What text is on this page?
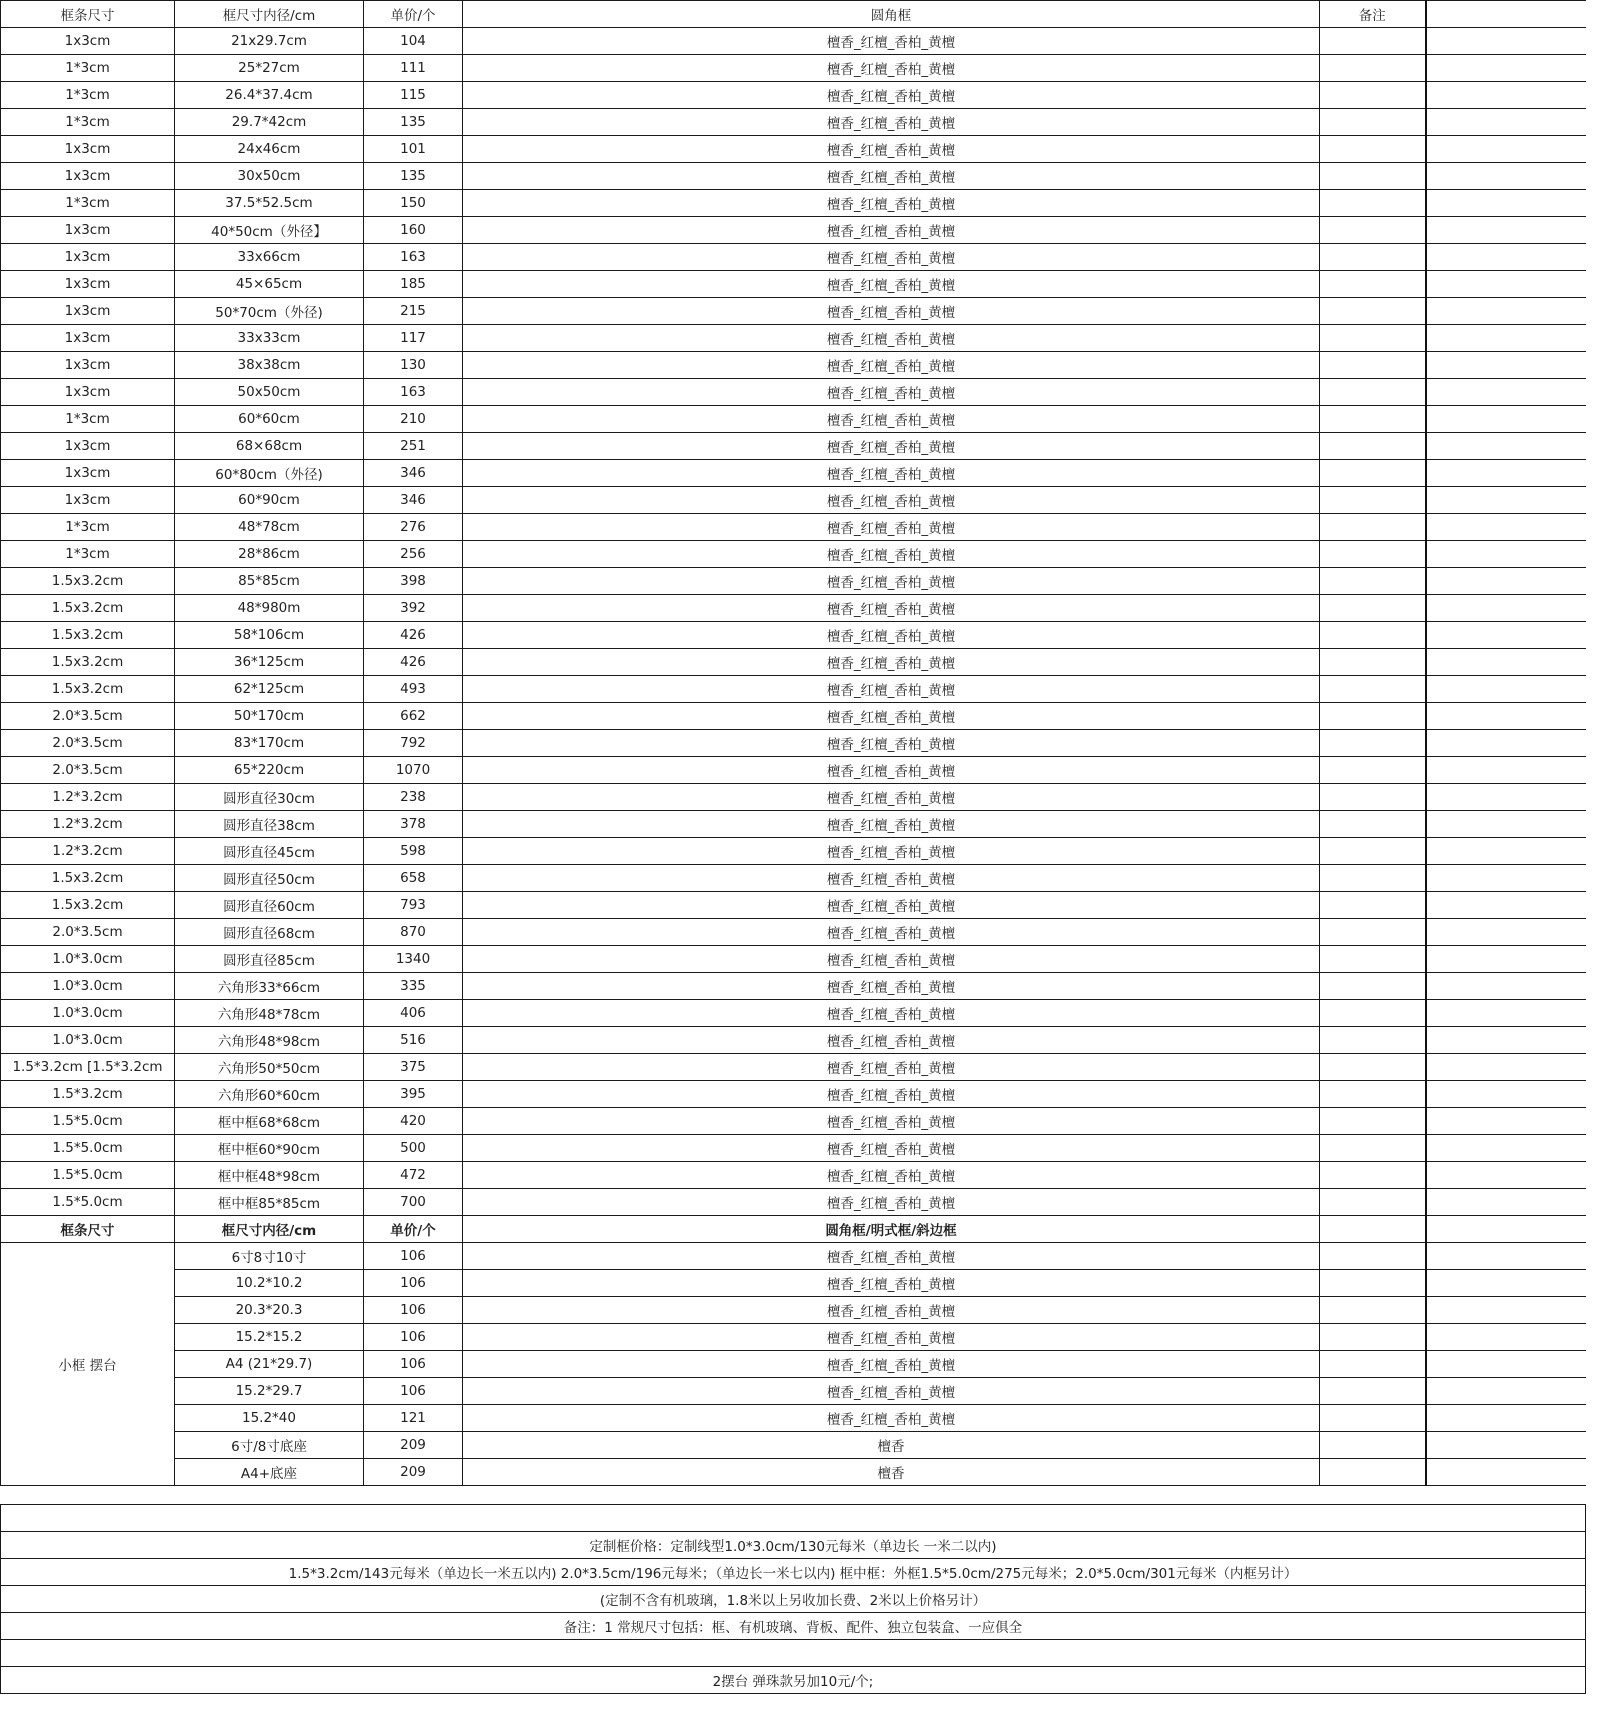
框条尺寸	框尺寸内径/cm	单价/个	圆角框	备注	
1x3cm	21x29.7cm	104	檀香_红檀_香柏_黄檀		
1*3cm	25*27cm	111	檀香_红檀_香柏_黄檀		
1*3cm	26.4*37.4cm	115	檀香_红檀_香柏_黄檀		
1*3cm	29.7*42cm	135	檀香_红檀_香柏_黄檀		
1x3cm	24x46cm	101	檀香_红檀_香柏_黄檀		
1x3cm	30x50cm	135	檀香_红檀_香柏_黄檀		
1*3cm	37.5*52.5cm	150	檀香_红檀_香柏_黄檀		
1x3cm	40*50cm（外径】	160	檀香_红檀_香柏_黄檀		
1x3cm	33x66cm	163	檀香_红檀_香柏_黄檀		
1x3cm	45×65cm	185	檀香_红檀_香柏_黄檀		
1x3cm	50*70cm（外径)	215	檀香_红檀_香柏_黄檀		
1x3cm	33x33cm	117	檀香_红檀_香柏_黄檀		
1x3cm	38x38cm	130	檀香_红檀_香柏_黄檀		
1x3cm	50x50cm	163	檀香_红檀_香柏_黄檀		
1*3cm	60*60cm	210	檀香_红檀_香柏_黄檀		
1x3cm	68×68cm	251	檀香_红檀_香柏_黄檀		
1x3cm	60*80cm（外径)	346	檀香_红檀_香柏_黄檀		
1x3cm	60*90cm	346	檀香_红檀_香柏_黄檀		
1*3cm	48*78cm	276	檀香_红檀_香柏_黄檀		
1*3cm	28*86cm	256	檀香_红檀_香柏_黄檀		
1.5x3.2cm	85*85cm	398	檀香_红檀_香柏_黄檀		
1.5x3.2cm	48*980m	392	檀香_红檀_香柏_黄檀		
1.5x3.2cm	58*106cm	426	檀香_红檀_香柏_黄檀		
1.5x3.2cm	36*125cm	426	檀香_红檀_香柏_黄檀		
1.5x3.2cm	62*125cm	493	檀香_红檀_香柏_黄檀		
2.0*3.5cm	50*170cm	662	檀香_红檀_香柏_黄檀		
2.0*3.5cm	83*170cm	792	檀香_红檀_香柏_黄檀		
2.0*3.5cm	65*220cm	1070	檀香_红檀_香柏_黄檀		
1.2*3.2cm	圆形直径30cm	238	檀香_红檀_香柏_黄檀		
1.2*3.2cm	圆形直径38cm	378	檀香_红檀_香柏_黄檀		
1.2*3.2cm	圆形直径45cm	598	檀香_红檀_香柏_黄檀		
1.5x3.2cm	圆形直径50cm	658	檀香_红檀_香柏_黄檀		
1.5x3.2cm	圆形直径60cm	793	檀香_红檀_香柏_黄檀		
2.0*3.5cm	圆形直径68cm	870	檀香_红檀_香柏_黄檀		
1.0*3.0cm	圆形直径85cm	1340	檀香_红檀_香柏_黄檀		
1.0*3.0cm	六角形33*66cm	335	檀香_红檀_香柏_黄檀		
1.0*3.0cm	六角形48*78cm	406	檀香_红檀_香柏_黄檀		
1.0*3.0cm	六角形48*98cm	516	檀香_红檀_香柏_黄檀		
1.5*3.2cm [1.5*3.2cm	六角形50*50cm	375	檀香_红檀_香柏_黄檀		
1.5*3.2cm	六角形60*60cm	395	檀香_红檀_香柏_黄檀		
1.5*5.0cm	框中框68*68cm	420	檀香_红檀_香柏_黄檀		
1.5*5.0cm	框中框60*90cm	500	檀香_红檀_香柏_黄檀		
1.5*5.0cm	框中框48*98cm	472	檀香_红檀_香柏_黄檀		
1.5*5.0cm	框中框85*85cm	700	檀香_红檀_香柏_黄檀		
框条尺寸	框尺寸内径/cm	单价/个	圆角框/明式框/斜边框		
小框 摆台	6寸8寸10寸	106	檀香_红檀_香柏_黄檀		
	10.2*10.2	106	檀香_红檀_香柏_黄檀		
	20.3*20.3	106	檀香_红檀_香柏_黄檀		
	15.2*15.2	106	檀香_红檀_香柏_黄檀		
	A4 (21*29.7)	106	檀香_红檀_香柏_黄檀		
	15.2*29.7	106	檀香_红檀_香柏_黄檀		
	15.2*40	121	檀香_红檀_香柏_黄檀		
	6寸/8寸底座	209	檀香		
	A4+底座	209	檀香		

定制框价格：定制线型1.0*3.0cm/130元每米（单边长 一米二以内)
1.5*3.2cm/143元每米（单边长一米五以内) 2.0*3.5cm/196元每米；（单边长一米七以内) 框中框：外框1.5*5.0cm/275元每米；2.0*5.0cm/301元每米（内框另计）
(定制不含有机玻璃，1.8米以上另收加长费、2米以上价格另计）
备注：1 常规尺寸包括：框、有机玻璃、背板、配件、独立包装盒、一应俱全

2摆台 弹珠款另加10元/个;
